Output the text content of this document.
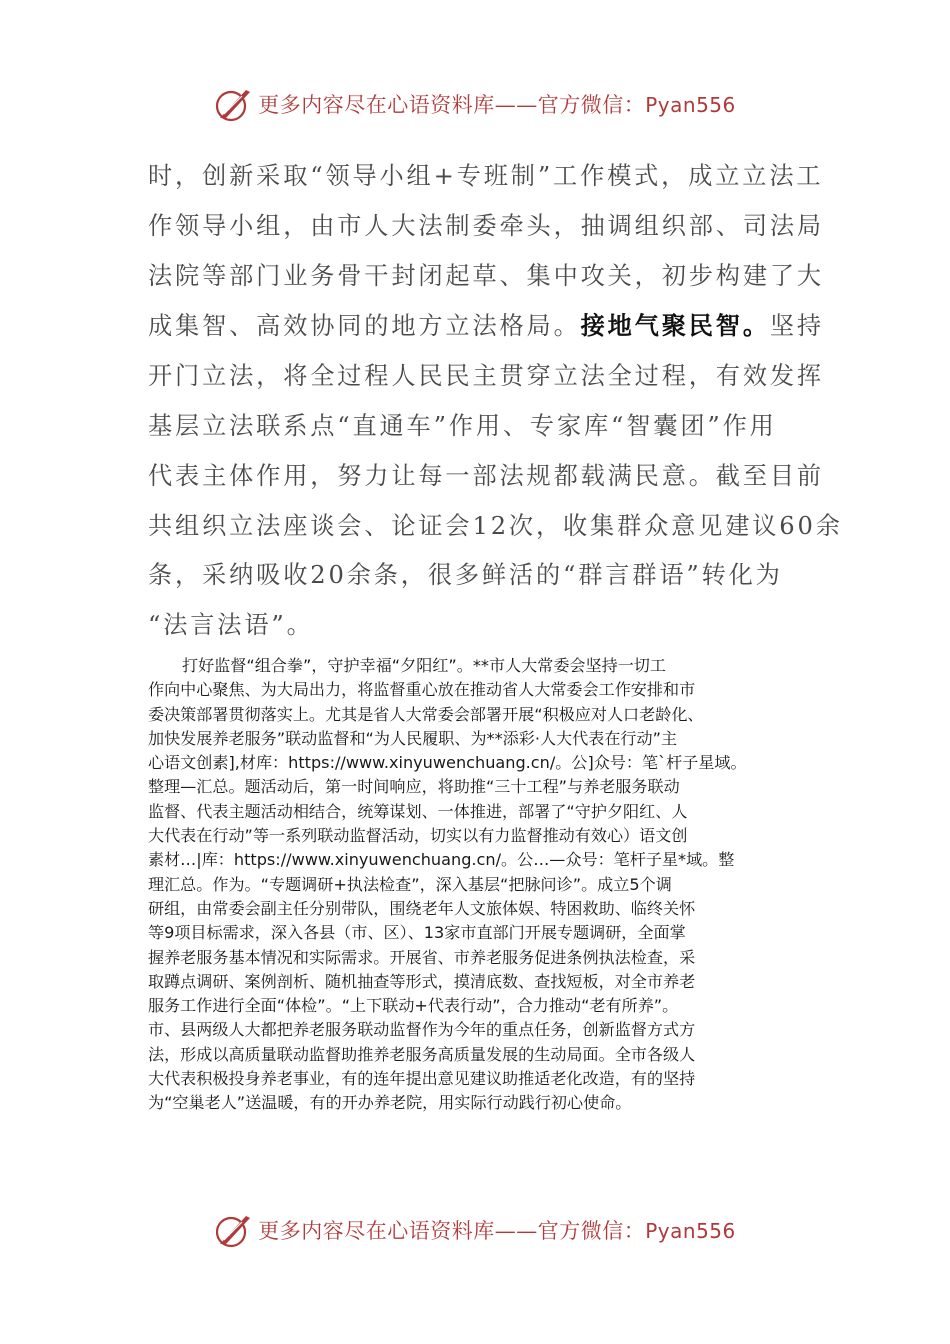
更多内容尽在心语资料库——官方微信：Pyan556
时，创新采取“领导小组+专班制”工作模式，成立立法工
作领导小组，由市人大法制委牵头，抽调组织部、司法局
法院等部门业务骨干封闭起草、集中攻关，初步构建了大
成集智、高效协同的地方立法格局。接地气聚民智。坚持
开门立法，将全过程人民民主贯穿立法全过程，有效发挥
基层立法联系点“直通车”作用、专家库“智囊团”作用
代表主体作用，努力让每一部法规都载满民意。截至目前
共组织立法座谈会、论证会12次，收集群众意见建议60余
条，采纳吸收20余条，很多鲜活的“群言群语”转化为
“法言法语”。
打好监督“组合拳”，守护幸福“夕阳红”。**市人大常委会坚持一切工
作向中心聚焦、为大局出力，将监督重心放在推动省人大常委会工作安排和市
委决策部署贯彻落实上。尤其是省人大常委会部署开展“积极应对人口老龄化、
加快发展养老服务”联动监督和“为人民履职、为**添彩·人大代表在行动”主
心语文创素],材库：https://www.xinyuwenchuang.cn/。公]众号：笔`杆子星域。
整理—汇总。题活动后，第一时间响应，将助推“三十工程”与养老服务联动
监督、代表主题活动相结合，统筹谋划、一体推进，部署了“守护夕阳红、人
大代表在行动”等一系列联动监督活动，切实以有力监督推动有效心）语文创
素材…|库：https://www.xinyuwenchuang.cn/。公…—众号：笔杆子星*域。整
理汇总。作为。“专题调研+执法检查”，深入基层“把脉问诊”。成立5个调
研组，由常委会副主任分别带队，围绕老年人文旅体娱、特困救助、临终关怀
等9项目标需求，深入各县（市、区）、13家市直部门开展专题调研，全面掌
握养老服务基本情况和实际需求。开展省、市养老服务促进条例执法检查，采
取蹲点调研、案例剖析、随机抽查等形式，摸清底数、查找短板，对全市养老
服务工作进行全面“体检”。“上下联动+代表行动”，合力推动“老有所养”。
市、县两级人大都把养老服务联动监督作为今年的重点任务，创新监督方式方
法，形成以高质量联动监督助推养老服务高质量发展的生动局面。全市各级人
大代表积极投身养老事业，有的连年提出意见建议助推适老化改造，有的坚持
为“空巢老人”送温暖，有的开办养老院，用实际行动践行初心使命。
更多内容尽在心语资料库——官方微信：Pyan556
